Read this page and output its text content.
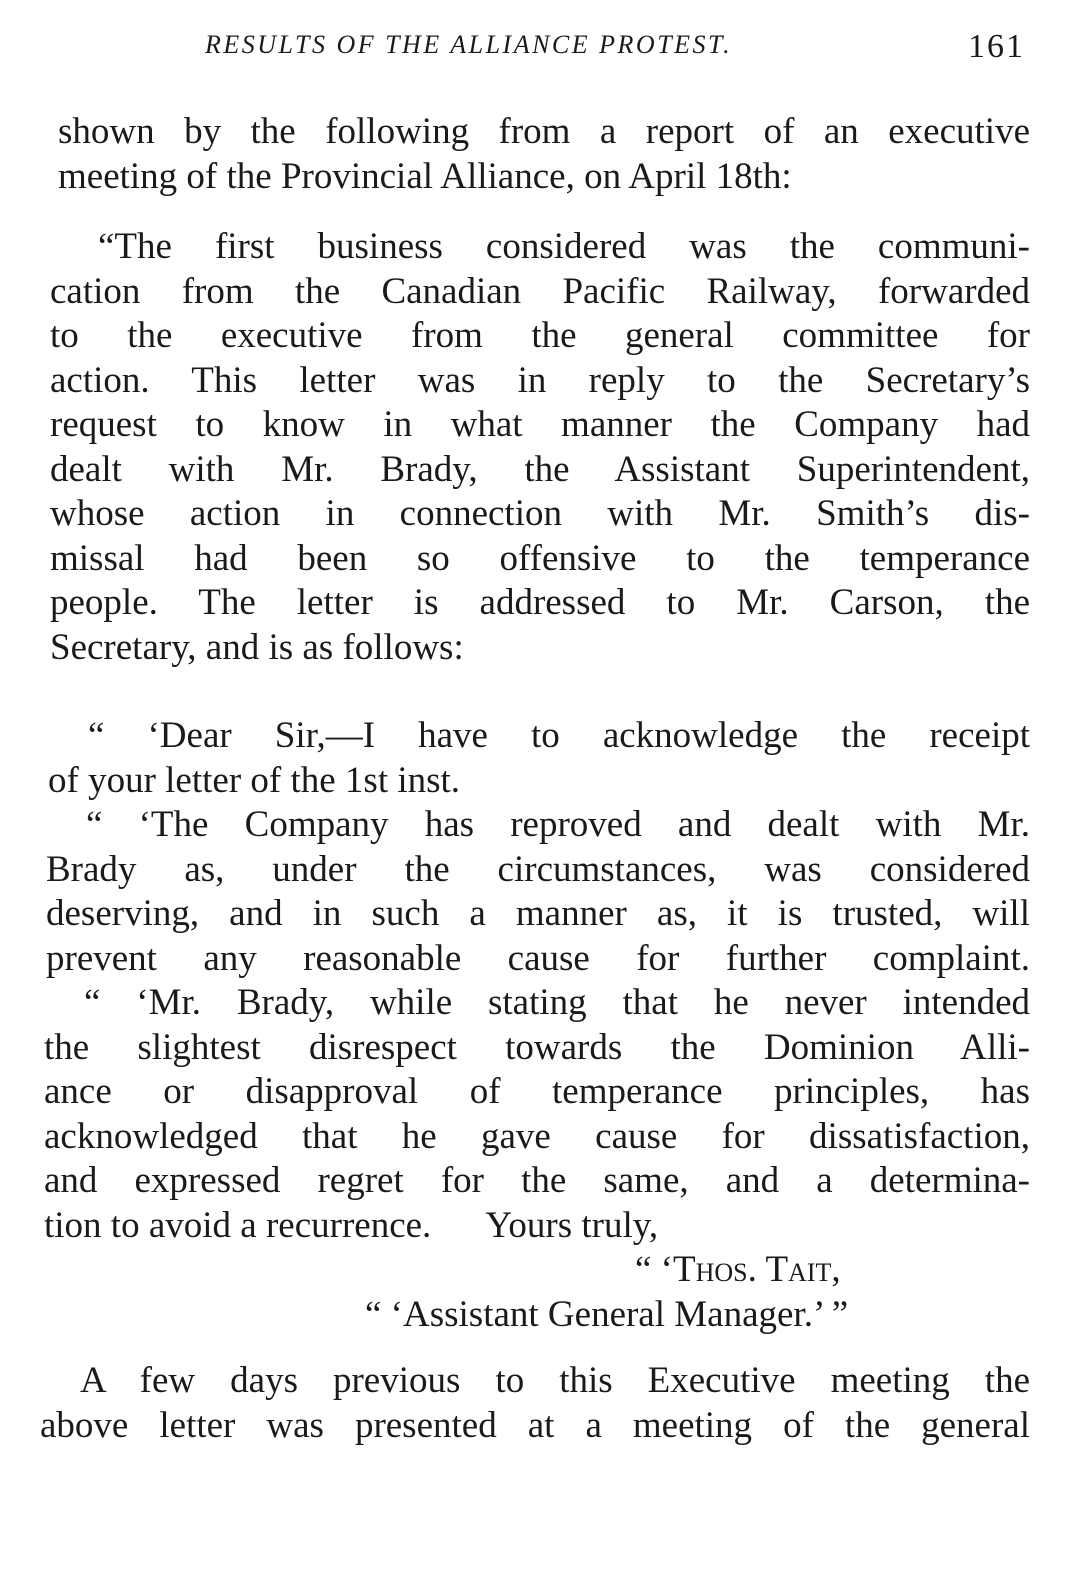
RESULTS OF THE ALLIANCE PROTEST.	161
shown by the following from a report of an executive
meeting of the Provincial Alliance, on April 18th:
“The first business considered was the communi-
cation from the Canadian Pacific Railway, forwarded
to the executive from the general committee for
action. This letter was in reply to the Secretary’s
request to know in what manner the Company had
dealt with Mr. Brady, the Assistant Superintendent,
whose action in connection with Mr. Smith’s dis-
missal had been so offensive to the temperance
people. The letter is addressed to Mr. Carson, the
Secretary, and is as follows:
“ ‘Dear Sir,—I have to acknowledge the receipt
of your letter of the 1st inst.
“ ‘The Company has reproved and dealt with Mr.
Brady as, under the circumstances, was considered
deserving, and in such a manner as, it is trusted, will
prevent any reasonable cause for further complaint.
“ ‘Mr. Brady, while stating that he never intended
the slightest disrespect towards the Dominion Alli-
ance or disapproval of temperance principles, has
acknowledged that he gave cause for dissatisfaction,
and expressed regret for the same, and a determina-
tion to avoid a recurrence.      Yours truly,
“ ‘Thos. Tait,
“ ‘Assistant General Manager.’ ”
A few days previous to this Executive meeting the
above letter was presented at a meeting of the general
